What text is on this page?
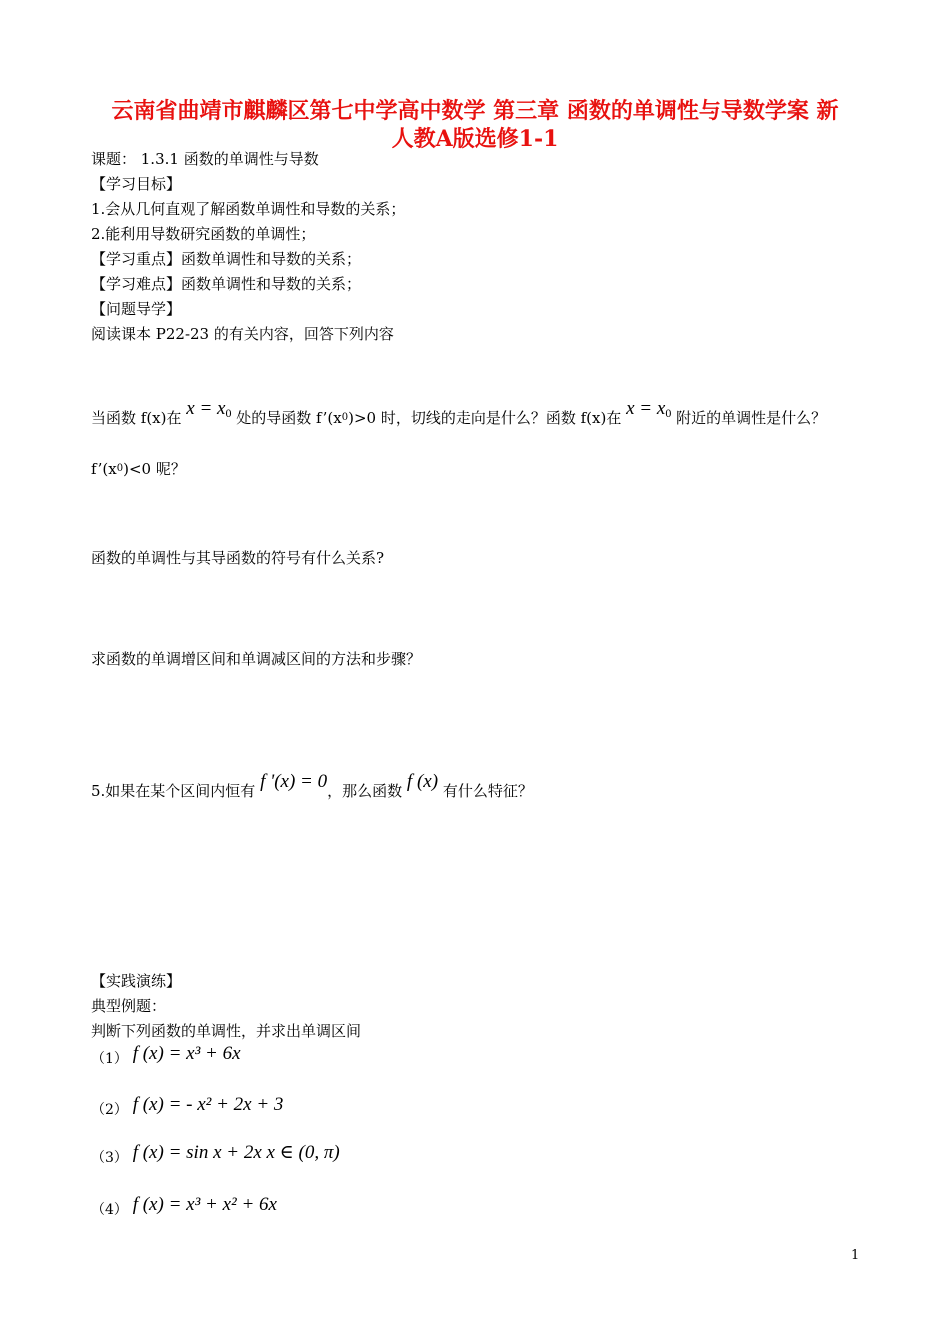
云南省曲靖市麒麟区第七中学高中数学 第三章 函数的单调性与导数学案 新
人教A版选修1-1
课题： 1.3.1 函数的单调性与导数
【学习目标】
1.会从几何直观了解函数单调性和导数的关系；
2.能利用导数研究函数的单调性；
【学习重点】函数单调性和导数的关系；
【学习难点】函数单调性和导数的关系；
【问题导学】
阅读课本 P22-23 的有关内容，回答下列内容
当函数 f(x)在 x = x0 处的导函数 $f’(x^0)>0$ 时，切线的走向是什么？函数 f(x)在 x = x0 附近的单调性是什么？
$f’(x^0)<0$ 呢？
函数的单调性与其导函数的符号有什么关系?
求函数的单调增区间和单调减区间的方法和步骤？
5.如果在某个区间内恒有 f '(x) = 0，那么函数 f (x) 有什么特征？
【实践演练】
典型例题：
判断下列函数的单调性，并求出单调区间
（1） f (x) = x³ + 6x
（2） f (x) = - x² + 2x + 3
（3） f (x) = sin x + 2x x ∈ (0, π)
（4） f (x) = x³ + x² + 6x
1
